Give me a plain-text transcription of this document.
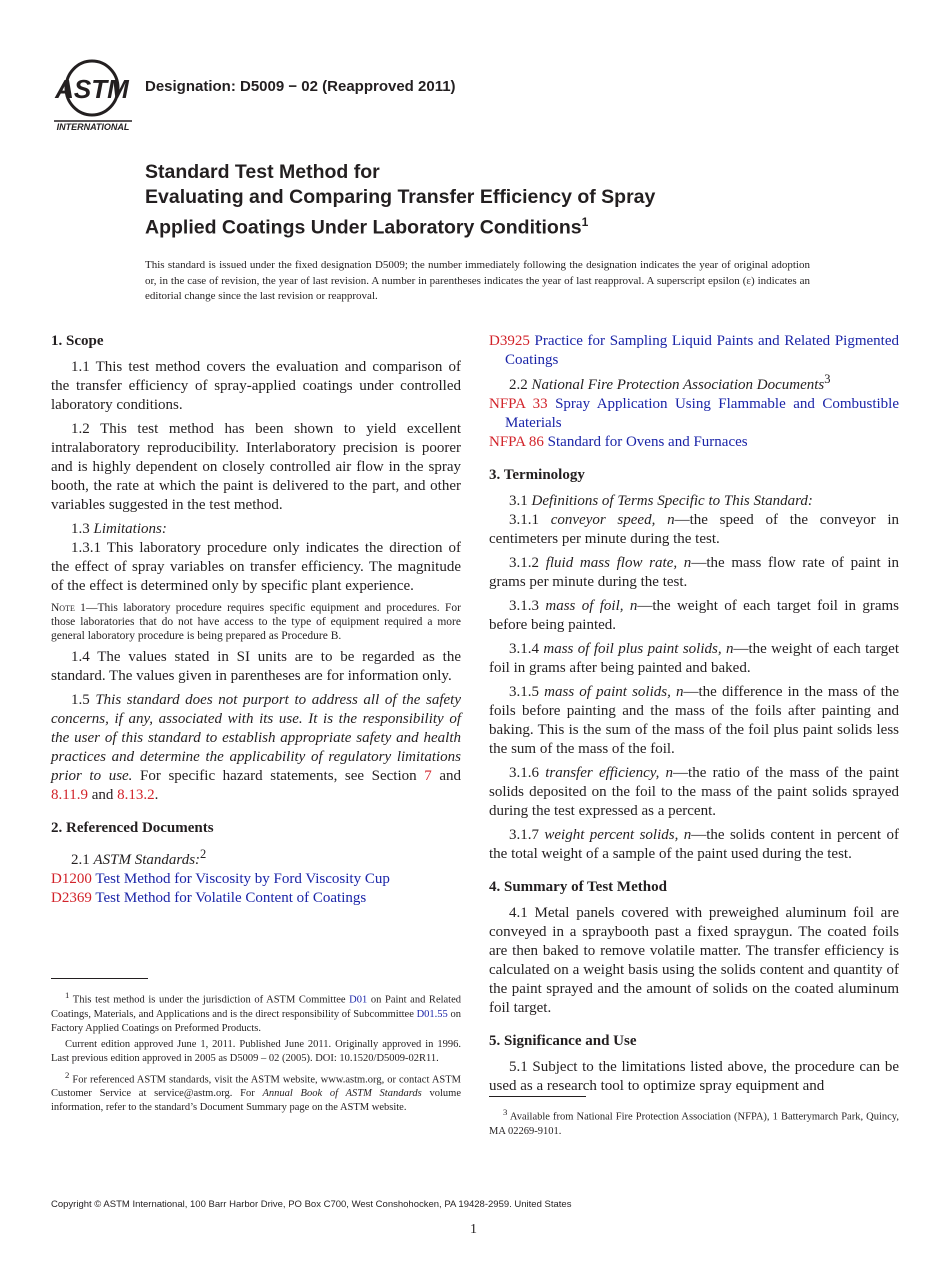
ASTM
INTERNATIONAL
Designation: D5009 − 02 (Reapproved 2011)
Standard Test Method for
Evaluating and Comparing Transfer Efficiency of Spray
Applied Coatings Under Laboratory Conditions$^1$
This standard is issued under the fixed designation D5009; the number immediately following the designation indicates the year of original adoption or, in the case of revision, the year of last revision. A number in parentheses indicates the year of last reapproval. A superscript epsilon (ε) indicates an editorial change since the last revision or reapproval.
1. Scope

1.1 This test method covers the evaluation and comparison of the transfer efficiency of spray-applied coatings under controlled laboratory conditions.

1.2 This test method has been shown to yield excellent intralaboratory reproducibility. Interlaboratory precision is poorer and is highly dependent on closely controlled air flow in the spray booth, the rate at which the paint is delivered to the part, and other variables suggested in the test method.

1.3 Limitations:

1.3.1 This laboratory procedure only indicates the direction of the effect of spray variables on transfer efficiency. The magnitude of the effect is determined only by specific plant experience.

Note 1—This laboratory procedure requires specific equipment and procedures. For those laboratories that do not have access to the type of equipment required a more general laboratory procedure is being prepared as Procedure B.

1.4 The values stated in SI units are to be regarded as the standard. The values given in parentheses are for information only.

1.5 This standard does not purport to address all of the safety concerns, if any, associated with its use. It is the responsibility of the user of this standard to establish appropriate safety and health practices and determine the applicability of regulatory limitations prior to use. For specific hazard statements, see Section 7 and 8.11.9 and 8.13.2.

2. Referenced Documents

2.1 ASTM Standards:$^2$

D1200 Test Method for Viscosity by Ford Viscosity Cup

D2369 Test Method for Volatile Content of Coatings

$^1$ This test method is under the jurisdiction of ASTM Committee D01 on Paint and Related Coatings, Materials, and Applications and is the direct responsibility of Subcommittee D01.55 on Factory Applied Coatings on Preformed Products.

Current edition approved June 1, 2011. Published June 2011. Originally approved in 1996. Last previous edition approved in 2005 as D5009 – 02 (2005). DOI: 10.1520/D5009-02R11.

$^2$ For referenced ASTM standards, visit the ASTM website, www.astm.org, or contact ASTM Customer Service at service@astm.org. For Annual Book of ASTM Standards volume information, refer to the standard’s Document Summary page on the ASTM website.

D3925 Practice for Sampling Liquid Paints and Related Pigmented Coatings

2.2 National Fire Protection Association Documents$^3$

NFPA 33 Spray Application Using Flammable and Combustible Materials

NFPA 86 Standard for Ovens and Furnaces

3. Terminology

3.1 Definitions of Terms Specific to This Standard:

3.1.1 conveyor speed, n—the speed of the conveyor in centimeters per minute during the test.

3.1.2 fluid mass flow rate, n—the mass flow rate of paint in grams per minute during the test.

3.1.3 mass of foil, n—the weight of each target foil in grams before being painted.

3.1.4 mass of foil plus paint solids, n—the weight of each target foil in grams after being painted and baked.

3.1.5 mass of paint solids, n—the difference in the mass of the foils before painting and the mass of the foils after painting and baking. This is the sum of the mass of the foil plus paint solids less the sum of the mass of the foil.

3.1.6 transfer efficiency, n—the ratio of the mass of the paint solids deposited on the foil to the mass of the paint solids sprayed during the test expressed as a percent.

3.1.7 weight percent solids, n—the solids content in percent of the total weight of a sample of the paint used during the test.

4. Summary of Test Method

4.1 Metal panels covered with preweighed aluminum foil are conveyed in a spraybooth past a fixed spraygun. The coated foils are then baked to remove volatile matter. The transfer efficiency is calculated on a weight basis using the solids content and quantity of the paint sprayed and the amount of solids on the coated aluminum foil target.

5. Significance and Use

5.1 Subject to the limitations listed above, the procedure can be used as a research tool to optimize spray equipment and

$^3$ Available from National Fire Protection Association (NFPA), 1 Batterymarch Park, Quincy, MA 02269-9101.

Copyright © ASTM International, 100 Barr Harbor Drive, PO Box C700, West Conshohocken, PA 19428-2959. United States
1
